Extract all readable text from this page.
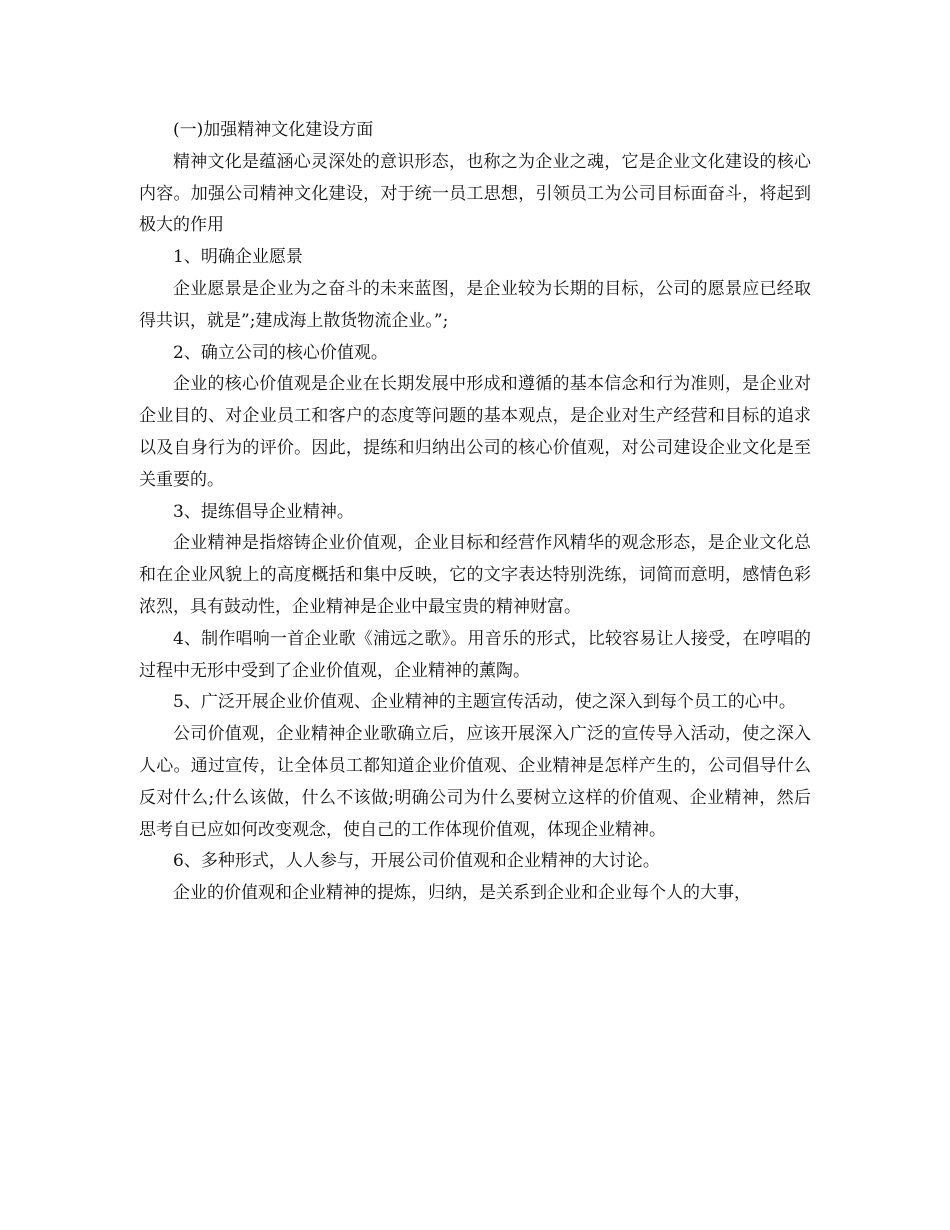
(一)加强精神文化建设方面

精神文化是蕴涵心灵深处的意识形态，也称之为企业之魂，它是企业文化建设的核心内容。加强公司精神文化建设，对于统一员工思想，引领员工为公司目标面奋斗，将起到极大的作用

1、明确企业愿景

企业愿景是企业为之奋斗的未来蓝图，是企业较为长期的目标，公司的愿景应已经取得共识，就是”;建成海上散货物流企业。”;

2、确立公司的核心价值观。

企业的核心价值观是企业在长期发展中形成和遵循的基本信念和行为准则，是企业对企业目的、对企业员工和客户的态度等问题的基本观点，是企业对生产经营和目标的追求以及自身行为的评价。因此，提练和归纳出公司的核心价值观，对公司建设企业文化是至关重要的。

3、提练倡导企业精神。

企业精神是指熔铸企业价值观，企业目标和经营作风精华的观念形态，是企业文化总和在企业风貌上的高度概括和集中反映，它的文字表达特别洗练，词简而意明，感情色彩浓烈，具有鼓动性，企业精神是企业中最宝贵的精神财富。

4、制作唱响一首企业歌《浦远之歌》。用音乐的形式，比较容易让人接受，在哼唱的过程中无形中受到了企业价值观，企业精神的薰陶。

5、广泛开展企业价值观、企业精神的主题宣传活动，使之深入到每个员工的心中。

公司价值观，企业精神企业歌确立后，应该开展深入广泛的宣传导入活动，使之深入人心。通过宣传，让全体员工都知道企业价值观、企业精神是怎样产生的，公司倡导什么反对什么;什么该做，什么不该做;明确公司为什么要树立这样的价值观、企业精神，然后思考自已应如何改变观念，使自己的工作体现价值观，体现企业精神。

6、多种形式，人人参与，开展公司价值观和企业精神的大讨论。

企业的价值观和企业精神的提炼，归纳，是关系到企业和企业每个人的大事，
